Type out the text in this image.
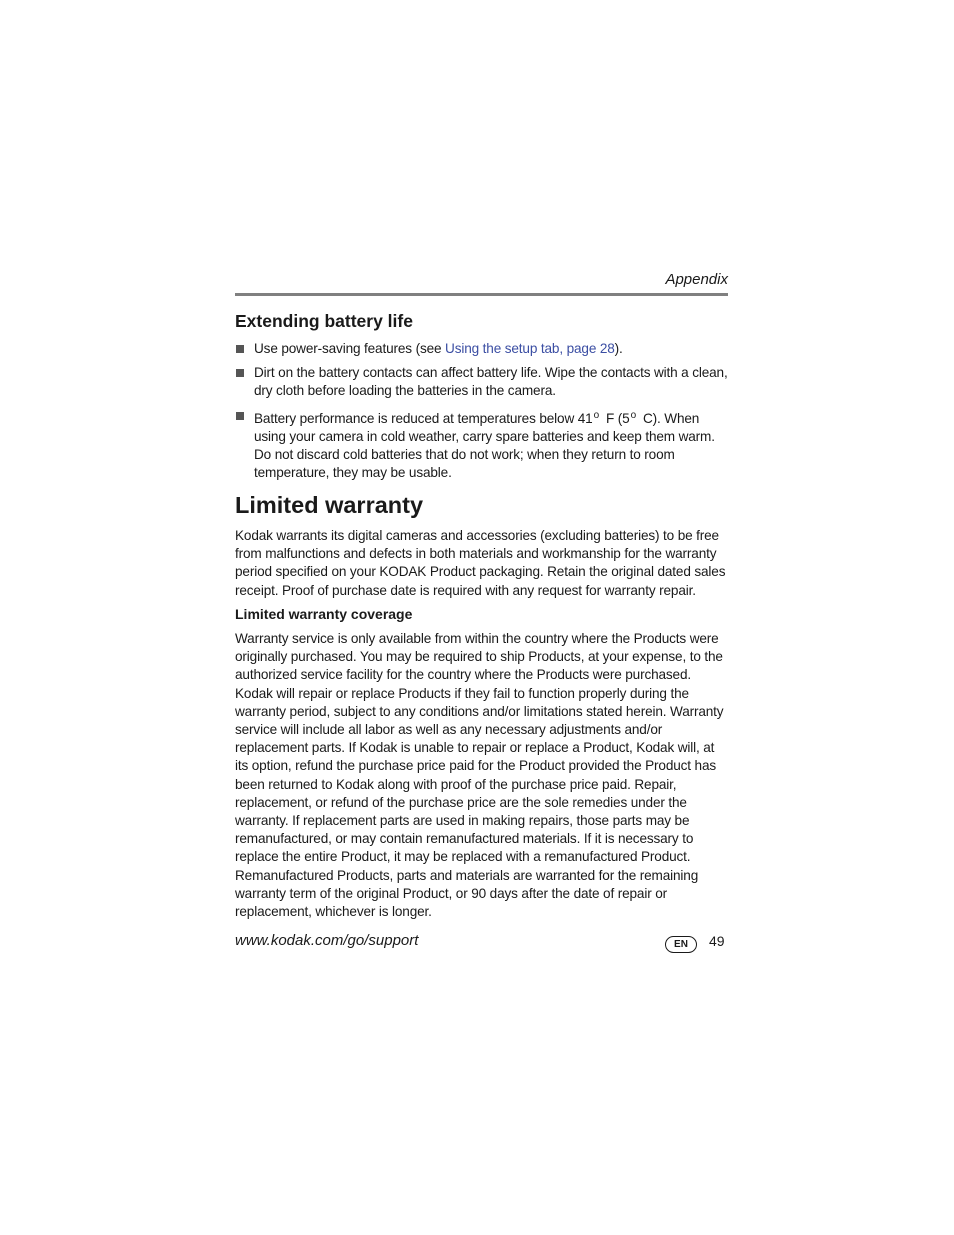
Appendix
Extending battery life
Use power-saving features (see Using the setup tab, page 28).
Dirt on the battery contacts can affect battery life. Wipe the contacts with a clean, dry cloth before loading the batteries in the camera.
Battery performance is reduced at temperatures below 41$^o$ F (5$^o$ C). When using your camera in cold weather, carry spare batteries and keep them warm. Do not discard cold batteries that do not work; when they return to room temperature, they may be usable.
Limited warranty

Kodak warrants its digital cameras and accessories (excluding batteries) to be free from malfunctions and defects in both materials and workmanship for the warranty period specified on your KODAK Product packaging. Retain the original dated sales receipt. Proof of purchase date is required with any request for warranty repair.

Limited warranty coverage

Warranty service is only available from within the country where the Products were originally purchased. You may be required to ship Products, at your expense, to the authorized service facility for the country where the Products were purchased. Kodak will repair or replace Products if they fail to function properly during the warranty period, subject to any conditions and/or limitations stated herein. Warranty service will include all labor as well as any necessary adjustments and/or replacement parts. If Kodak is unable to repair or replace a Product, Kodak will, at its option, refund the purchase price paid for the Product provided the Product has been returned to Kodak along with proof of the purchase price paid. Repair, replacement, or refund of the purchase price are the sole remedies under the warranty. If replacement parts are used in making repairs, those parts may be remanufactured, or may contain remanufactured materials. If it is necessary to replace the entire Product, it may be replaced with a remanufactured Product. Remanufactured Products, parts and materials are warranted for the remaining warranty term of the original Product, or 90 days after the date of repair or replacement, whichever is longer.

www.kodak.com/go/support	EN	49
